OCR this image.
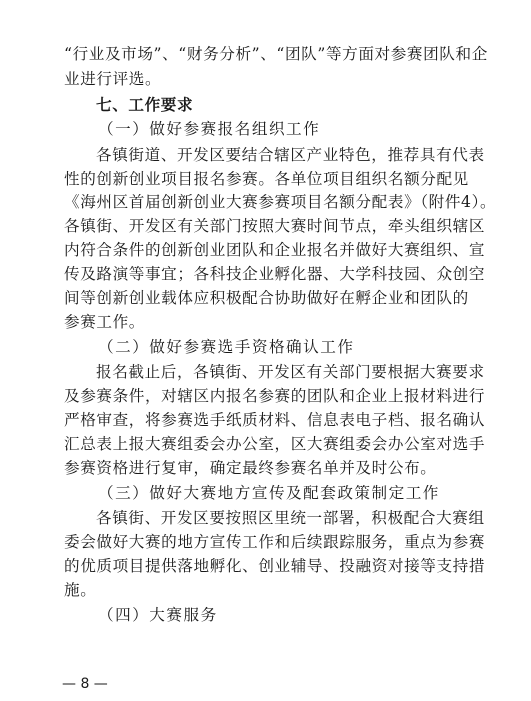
“行业及市场”、“财务分析”、“团队”等方面对参赛团队和企
业进行评选。
七、工作要求
（一）做好参赛报名组织工作
各镇街道、开发区要结合辖区产业特色，推荐具有代表
性的创新创业项目报名参赛。各单位项目组织名额分配见
《海州区首届创新创业大赛参赛项目名额分配表》（附件4）。
各镇街、开发区有关部门按照大赛时间节点，牵头组织辖区
内符合条件的创新创业团队和企业报名并做好大赛组织、宣
传及路演等事宜；各科技企业孵化器、大学科技园、众创空
间等创新创业载体应积极配合协助做好在孵企业和团队的
参赛工作。
（二）做好参赛选手资格确认工作
报名截止后，各镇街、开发区有关部门要根据大赛要求
及参赛条件，对辖区内报名参赛的团队和企业上报材料进行
严格审查，将参赛选手纸质材料、信息表电子档、报名确认
汇总表上报大赛组委会办公室，区大赛组委会办公室对选手
参赛资格进行复审，确定最终参赛名单并及时公布。
（三）做好大赛地方宣传及配套政策制定工作
各镇街、开发区要按照区里统一部署，积极配合大赛组
委会做好大赛的地方宣传工作和后续跟踪服务，重点为参赛
的优质项目提供落地孵化、创业辅导、投融资对接等支持措
施。
（四）大赛服务
— 8 —
